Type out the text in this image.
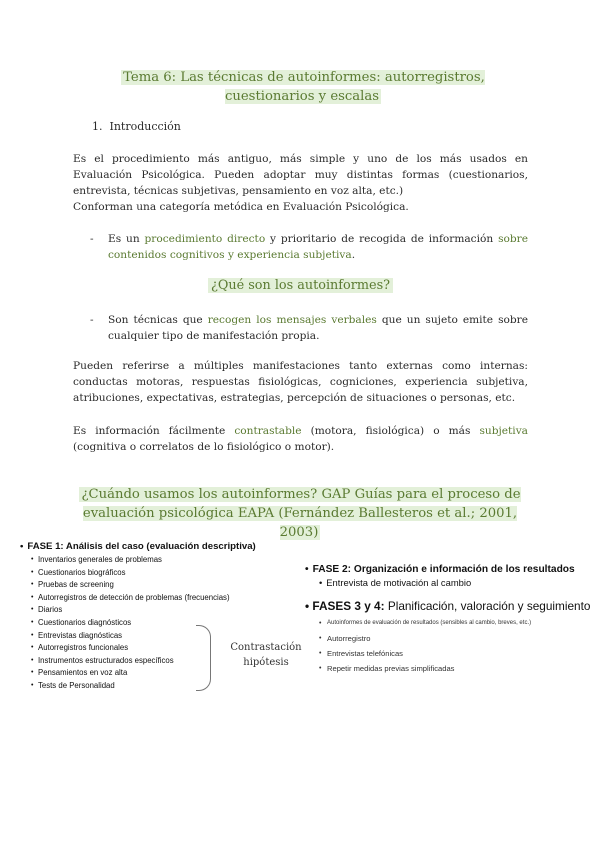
Tema 6: Las técnicas de autoinformes: autorregistros, cuestionarios y escalas
1.  Introducción
Es el procedimiento más antiguo, más simple y uno de los más usados en Evaluación Psicológica. Pueden adoptar muy distintas formas (cuestionarios, entrevista, técnicas subjetivas, pensamiento en voz alta, etc.)
Conforman una categoría metódica en Evaluación Psicológica.
- Es un procedimiento directo y prioritario de recogida de información sobre contenidos cognitivos y experiencia subjetiva.
¿Qué son los autoinformes?
- Son técnicas que recogen los mensajes verbales que un sujeto emite sobre cualquier tipo de manifestación propia.
Pueden referirse a múltiples manifestaciones tanto externas como internas: conductas motoras, respuestas fisiológicas, cogniciones, experiencia subjetiva, atribuciones, expectativas, estrategias, percepción de situaciones o personas, etc.
Es información fácilmente contrastable (motora, fisiológica) o más subjetiva (cognitiva o correlatos de lo fisiológico o motor).
¿Cuándo usamos los autoinformes? GAP Guías para el proceso de evaluación psicológica EAPA (Fernández Ballesteros et al.; 2001, 2003)
• FASE 1: Análisis del caso (evaluación descriptiva)
• Inventarios generales de problemas
• Cuestionarios biográficos
• Pruebas de screening
• Autorregistros de detección de problemas (frecuencias)
• Diarios
• Cuestionarios diagnósticos
• Entrevistas diagnósticas
• Autorregistros funcionales
• Instrumentos estructurados específicos
• Pensamientos en voz alta
• Tests de Personalidad
Contrastación
hipótesis
• FASE 2: Organización e información de los resultados
• Entrevista de motivación al cambio
• FASES 3 y 4: Planificación, valoración y seguimiento
• Autoinformes de evaluación de resultados (sensibles al cambio, breves, etc.)
• Autorregistro
• Entrevistas telefónicas
• Repetir medidas previas simplificadas
